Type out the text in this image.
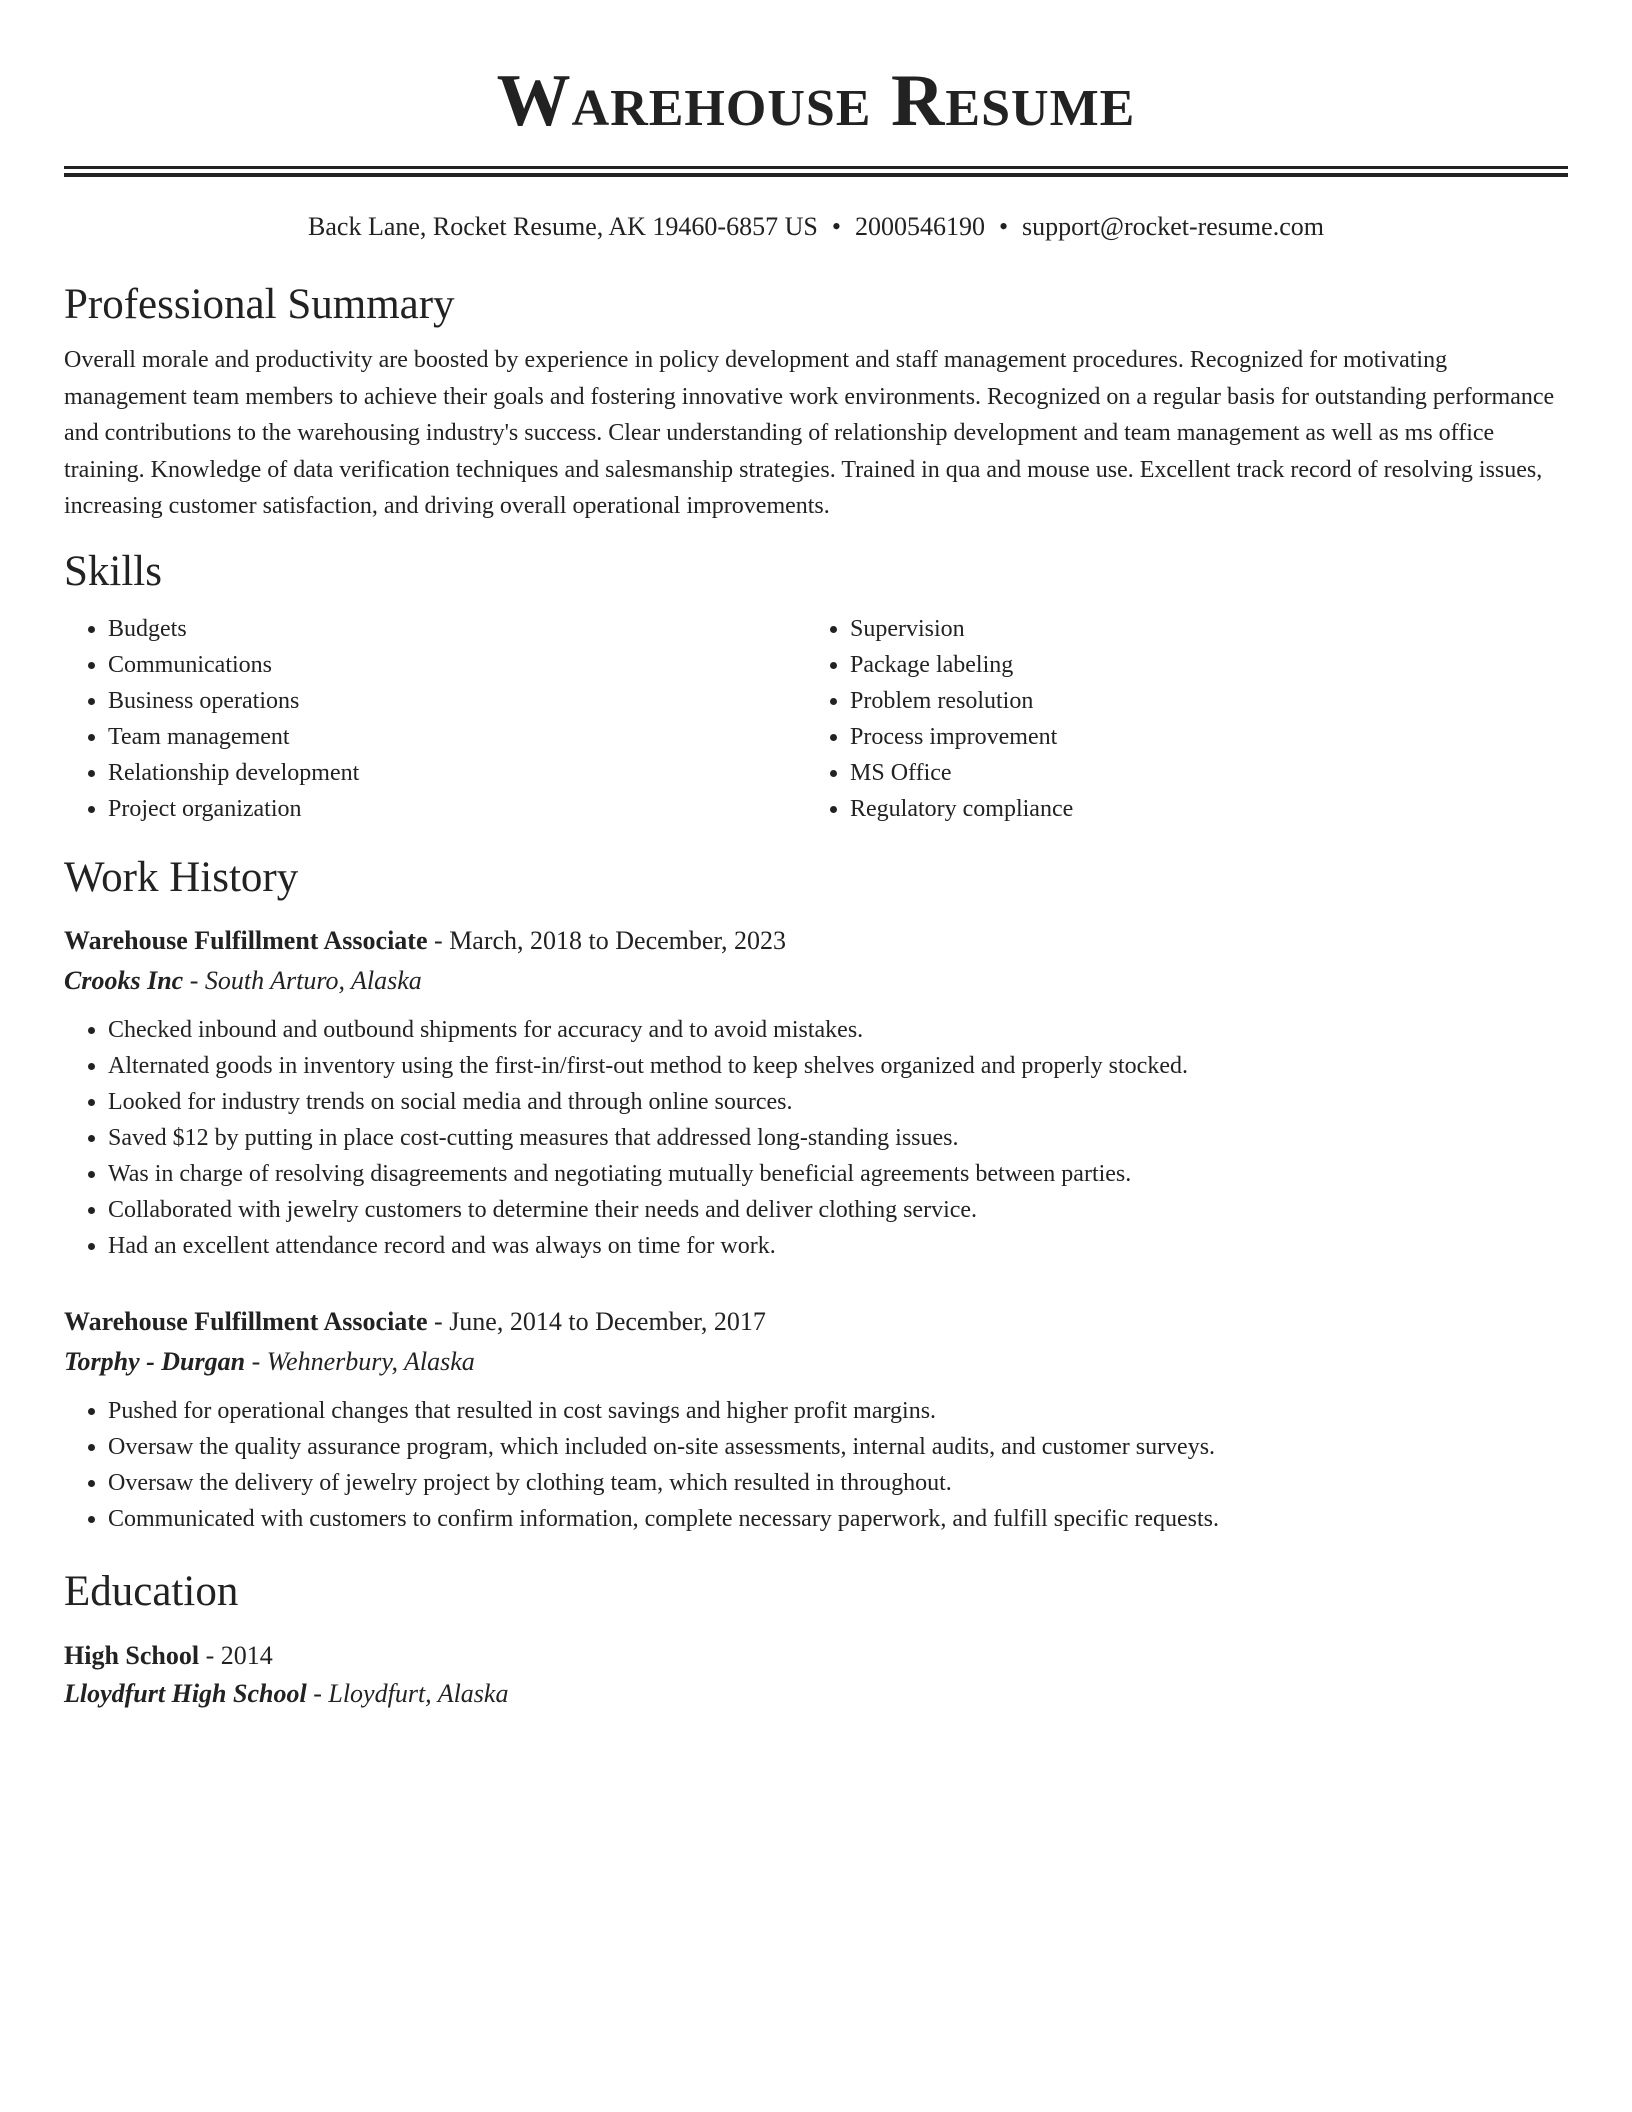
Warehouse Resume
Back Lane, Rocket Resume, AK 19460-6857 US • 2000546190 • support@rocket-resume.com
Professional Summary

Overall morale and productivity are boosted by experience in policy development and staff management procedures. Recognized for motivating management team members to achieve their goals and fostering innovative work environments. Recognized on a regular basis for outstanding performance and contributions to the warehousing industry's success. Clear understanding of relationship development and team management as well as ms office training. Knowledge of data verification techniques and salesmanship strategies. Trained in qua and mouse use. Excellent track record of resolving issues, increasing customer satisfaction, and driving overall operational improvements.

Skills
• Budgets
• Communications
• Business operations
• Team management
• Relationship development
• Project organization
• Supervision
• Package labeling
• Problem resolution
• Process improvement
• MS Office
• Regulatory compliance
Work History
Warehouse Fulfillment Associate - March, 2018 to December, 2023
Crooks Inc - South Arturo, Alaska
• Checked inbound and outbound shipments for accuracy and to avoid mistakes.
• Alternated goods in inventory using the first-in/first-out method to keep shelves organized and properly stocked.
• Looked for industry trends on social media and through online sources.
• Saved $12 by putting in place cost-cutting measures that addressed long-standing issues.
• Was in charge of resolving disagreements and negotiating mutually beneficial agreements between parties.
• Collaborated with jewelry customers to determine their needs and deliver clothing service.
• Had an excellent attendance record and was always on time for work.
Warehouse Fulfillment Associate - June, 2014 to December, 2017
Torphy - Durgan - Wehnerbury, Alaska
• Pushed for operational changes that resulted in cost savings and higher profit margins.
• Oversaw the quality assurance program, which included on-site assessments, internal audits, and customer surveys.
• Oversaw the delivery of jewelry project by clothing team, which resulted in throughout.
• Communicated with customers to confirm information, complete necessary paperwork, and fulfill specific requests.
Education
High School - 2014
Lloydfurt High School - Lloydfurt, Alaska
